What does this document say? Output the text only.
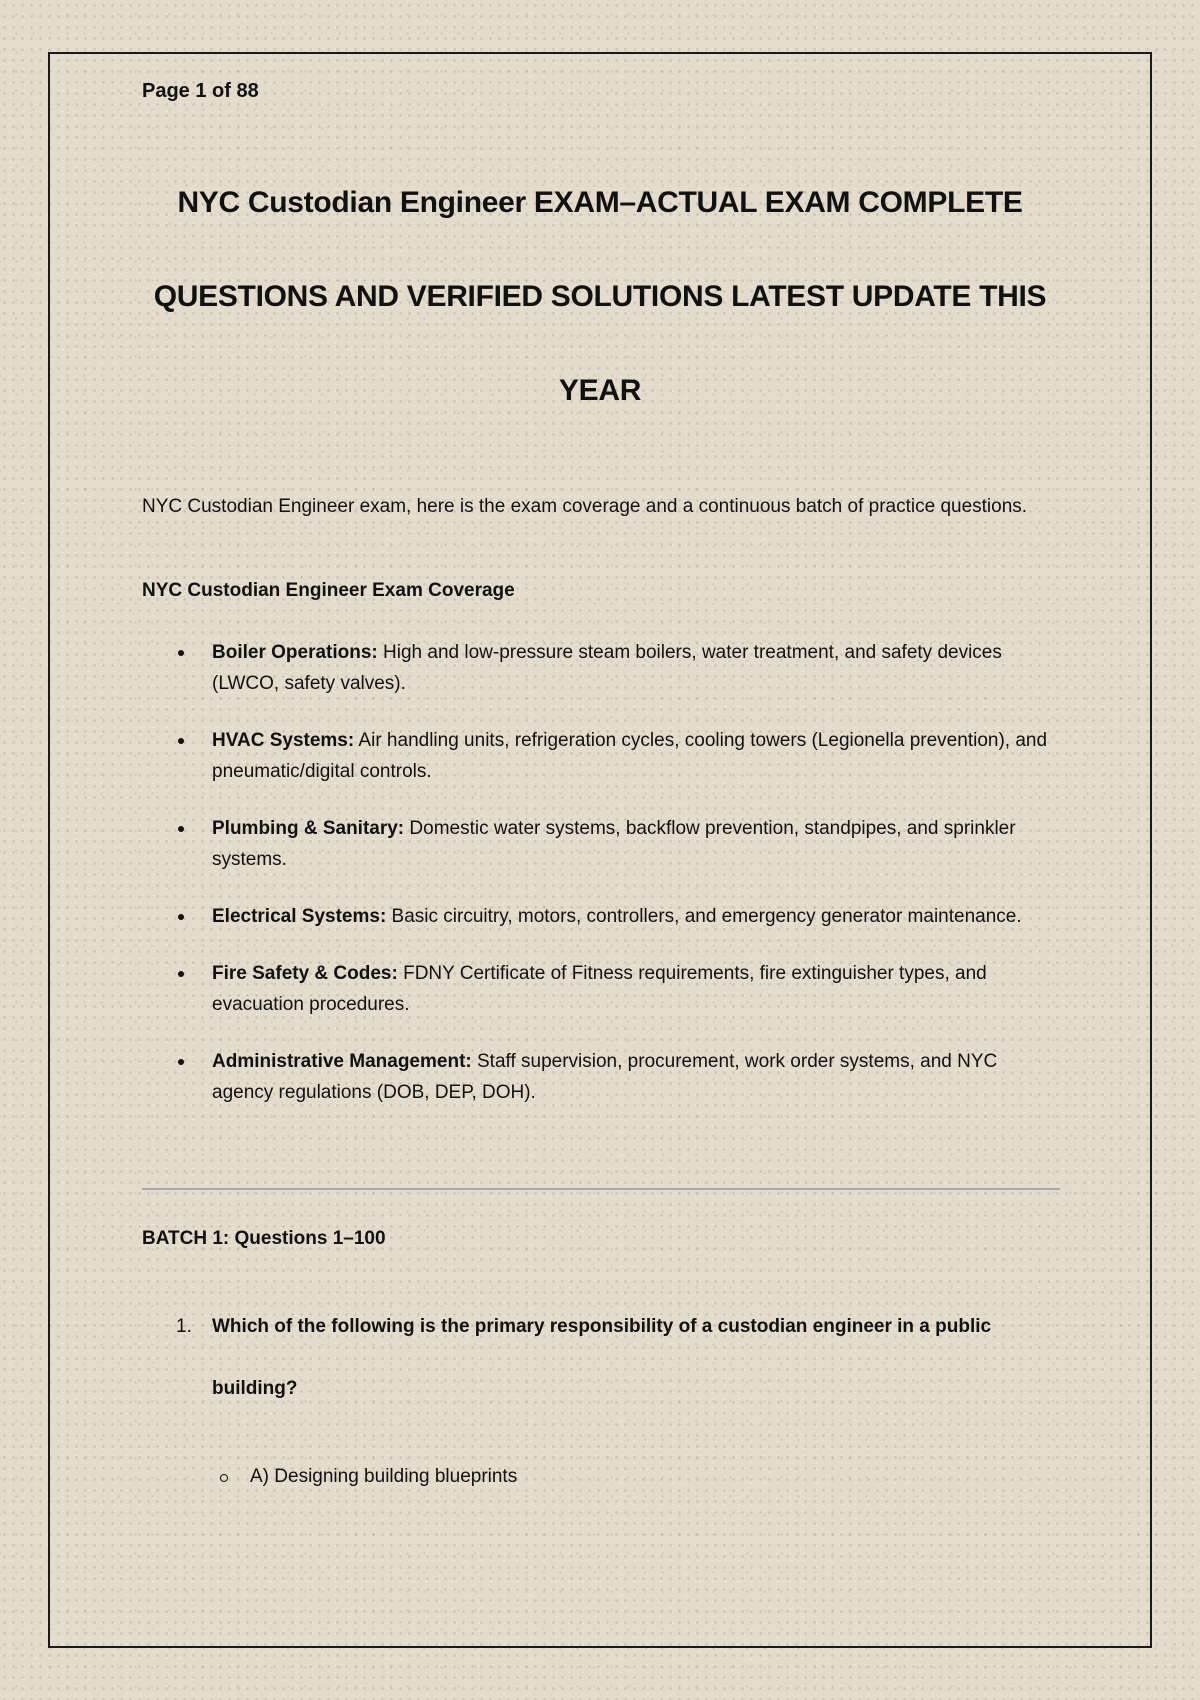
Page 1 of 88
NYC Custodian Engineer EXAM–ACTUAL EXAM COMPLETE
QUESTIONS AND VERIFIED SOLUTIONS LATEST UPDATE THIS
YEAR
NYC Custodian Engineer exam, here is the exam coverage and a continuous batch of practice questions.
NYC Custodian Engineer Exam Coverage
Boiler Operations: High and low-pressure steam boilers, water treatment, and safety devices (LWCO, safety valves).
HVAC Systems: Air handling units, refrigeration cycles, cooling towers (Legionella prevention), and pneumatic/digital controls.
Plumbing & Sanitary: Domestic water systems, backflow prevention, standpipes, and sprinkler systems.
Electrical Systems: Basic circuitry, motors, controllers, and emergency generator maintenance.
Fire Safety & Codes: FDNY Certificate of Fitness requirements, fire extinguisher types, and evacuation procedures.
Administrative Management: Staff supervision, procurement, work order systems, and NYC agency regulations (DOB, DEP, DOH).
BATCH 1: Questions 1–100
1. Which of the following is the primary responsibility of a custodian engineer in a public
building?
A) Designing building blueprints
